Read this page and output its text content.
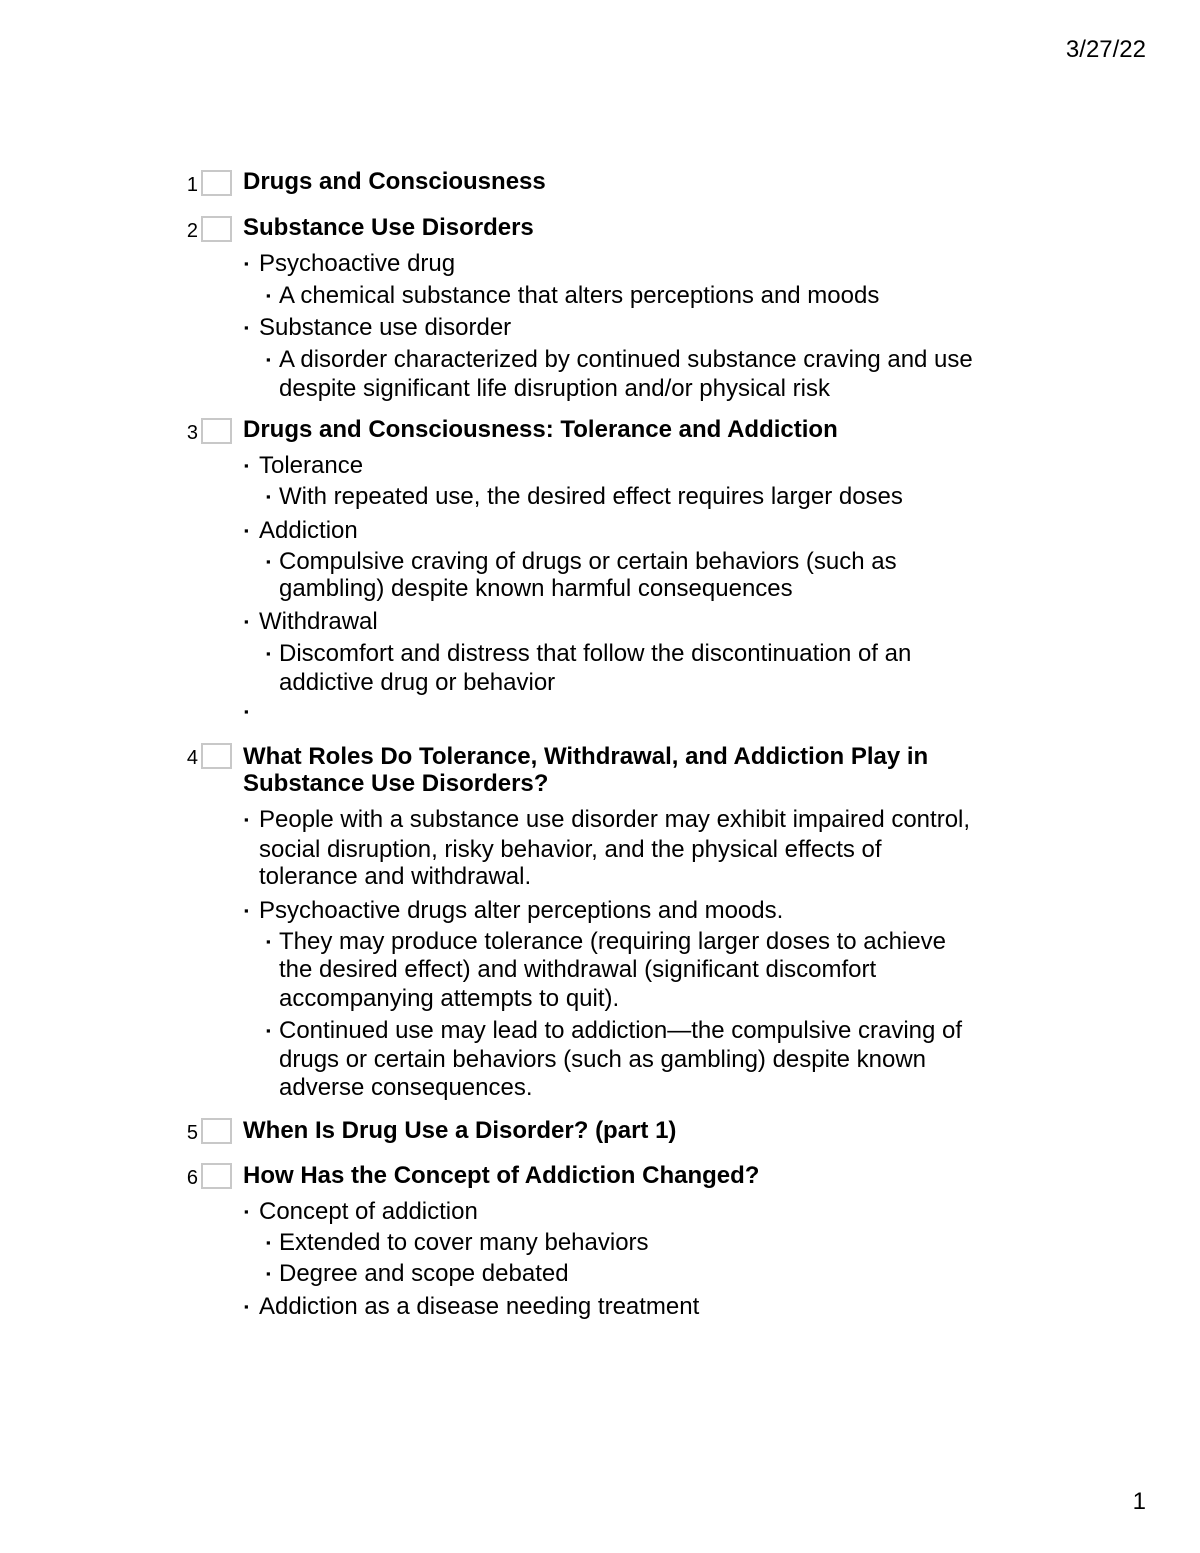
3/27/22
1 Drugs and Consciousness
2 Substance Use Disorders
▪ Psychoactive drug
▪ A chemical substance that alters perceptions and moods
▪ Substance use disorder
▪ A disorder characterized by continued substance craving and use
despite significant life disruption and/or physical risk
3 Drugs and Consciousness: Tolerance and Addiction
▪ Tolerance
▪ With repeated use, the desired effect requires larger doses
▪ Addiction
▪ Compulsive craving of drugs or certain behaviors (such as
gambling) despite known harmful consequences
▪ Withdrawal
▪ Discomfort and distress that follow the discontinuation of an
addictive drug or behavior
▪
4 What Roles Do Tolerance, Withdrawal, and Addiction Play in
Substance Use Disorders?
▪ People with a substance use disorder may exhibit impaired control,
social disruption, risky behavior, and the physical effects of
tolerance and withdrawal.
▪ Psychoactive drugs alter perceptions and moods.
▪ They may produce tolerance (requiring larger doses to achieve
the desired effect) and withdrawal (significant discomfort
accompanying attempts to quit).
▪ Continued use may lead to addiction—the compulsive craving of
drugs or certain behaviors (such as gambling) despite known
adverse consequences.
5 When Is Drug Use a Disorder? (part 1)
6 How Has the Concept of Addiction Changed?
▪ Concept of addiction
▪ Extended to cover many behaviors
▪ Degree and scope debated
▪ Addiction as a disease needing treatment
1
